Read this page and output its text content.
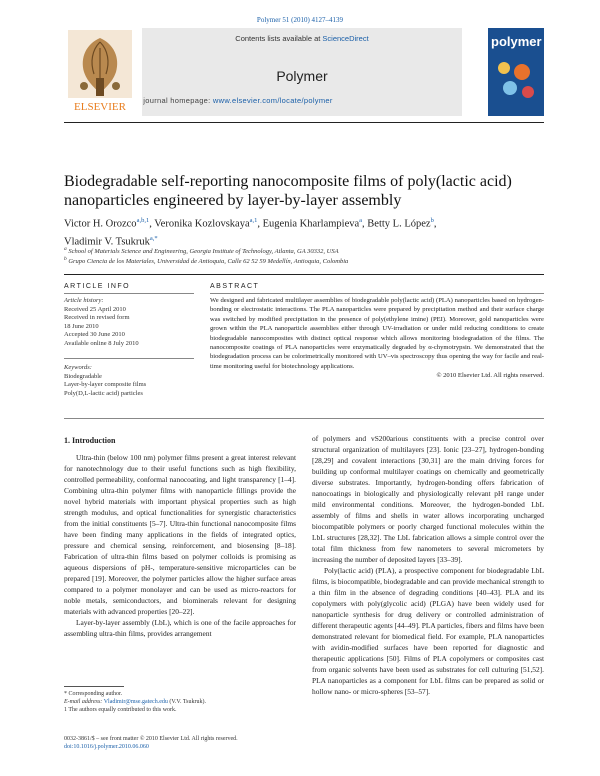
Polymer 51 (2010) 4127–4139
ELSEVIER
Contents lists available at ScienceDirect
Polymer
polymer
journal homepage: www.elsevier.com/locate/polymer
Biodegradable self-reporting nanocomposite films of poly(lactic acid) nanoparticles engineered by layer-by-layer assembly
Victor H. Orozco$^{a,b,1}$, Veronika Kozlovskaya$^{a,1}$, Eugenia Kharlampieva$^a$, Betty L. López$^b$,
Vladimir V. Tsukruk$^{a,*}$
$^a$ School of Materials Science and Engineering, Georgia Institute of Technology, Atlanta, GA 30332, USA
$^b$ Grupo Ciencia de los Materiales, Universidad de Antioquia, Calle 62 52 59 Medellín, Antioquia, Colombia
ARTICLE INFO	ABSTRACT
Article history:
Received 25 April 2010
Received in revised form
18 June 2010
Accepted 30 June 2010
Available online 8 July 2010
Keywords:
Biodegradable
Layer-by-layer composite films
Poly(D,L-lactic acid) particles
We designed and fabricated multilayer assemblies of biodegradable poly(lactic acid) (PLA) nanoparticles based on hydrogen-bonding or electrostatic interactions. The PLA nanoparticles were prepared by precipitation method and their surface charge was switched by modified precipitation in the presence of poly(ethylene imine) (PEI). Moreover, gold nanoparticles were grown within the PLA nanoparticle assemblies either through UV-irradiation or under mild reducing conditions to create biodegradable nanocomposites with distinct optical response which allows monitoring biodegradation of the films. The nanocomposite coatings of PLA nanoparticles were enzymatically degraded by α-chymotrypsin. We demonstrated that the biodegradation process can be colorimetrically monitored with UV–vis spectroscopy thus opening the way for facile and real-time monitoring useful for biotechnology applications.
© 2010 Elsevier Ltd. All rights reserved.
1. Introduction

Ultra-thin (below 100 nm) polymer films present a great interest relevant for nanotechnology due to their useful functions such as high flexibility, controlled permeability, conformal nanocoating, and light transparency [1–4]. Combining ultra-thin polymer films with nanoparticle fillings provide the novel hybrid materials with important physical properties such as high strength modulus, and optical functionalities for synergistic characteristics from the initial constituents [5–7]. Ultra-thin functional nanocomposite films have been finding many applications in the fields of integrated optics, pressure and chemical sensing, reinforcement, and biosensing [8–18]. Fabrication of ultra-thin films based on polymer colloids is promising as aqueous dispersions of pH-, temperature-sensitive microparticles can be prepared [19]. Moreover, the polymer particles allow the higher surface areas compared to a polymer monolayer and can be used as micro-reactors for noble metals, semiconductors, and biominerals relevant for designing materials with advanced properties [20–22].

Layer-by-layer assembly (LbL), which is one of the facile approaches for assembling ultra-thin films, provides arrangement

of polymers and vS200arious constituents with a precise control over structural organization of multilayers [23]. Ionic [23–27], hydrogen-bonding [28,29] and covalent interactions [30,31] are the main driving forces for building up conformal multilayer coatings on chemically and geometrically diverse substrates. Importantly, hydrogen-bonding offers fabrication of nanocoatings in biologically and physiologically relevant pH range under mild environmental conditions. Moreover, the hydrogen-bonded LbL assembly of films and shells in water allows incorporating uncharged biocompatible polymers or poorly charged functional molecules within the LbL structures [28,32]. The LbL fabrication allows a simple control over the total film thickness from few nanometers to several micrometers by increasing the number of deposited layers [33–39].

Poly(lactic acid) (PLA), a prospective component for biodegradable LbL films, is biocompatible, biodegradable and can provide mechanical strength to a thin film in the absence of degrading conditions [40–43]. PLA and its copolymers with poly(glycolic acid) (PLGA) have been widely used for nanoparticle synthesis for drug delivery or controlled administration of different therapeutic agents [44–49]. PLA particles, fibers and films have been demonstrated relevant for biomedical field. For example, PLA nanoparticles with avidin-modified surfaces have been reported for diagnostic and therapeutic applications [50]. Films of PLA copolymers or composites cast from organic solvents have been used as substrates for cell culturing [51,52]. PLA nanoparticles as a component for LbL films can be prepared as solid or hollow nano- or micro-spheres [53–57].

* Corresponding author.
E-mail address: Vladimir@mse.gatech.edu (V.V. Tsukruk).
1 The authors equally contributed to this work.
0032-3861/$ – see front matter © 2010 Elsevier Ltd. All rights reserved.
doi:10.1016/j.polymer.2010.06.060
